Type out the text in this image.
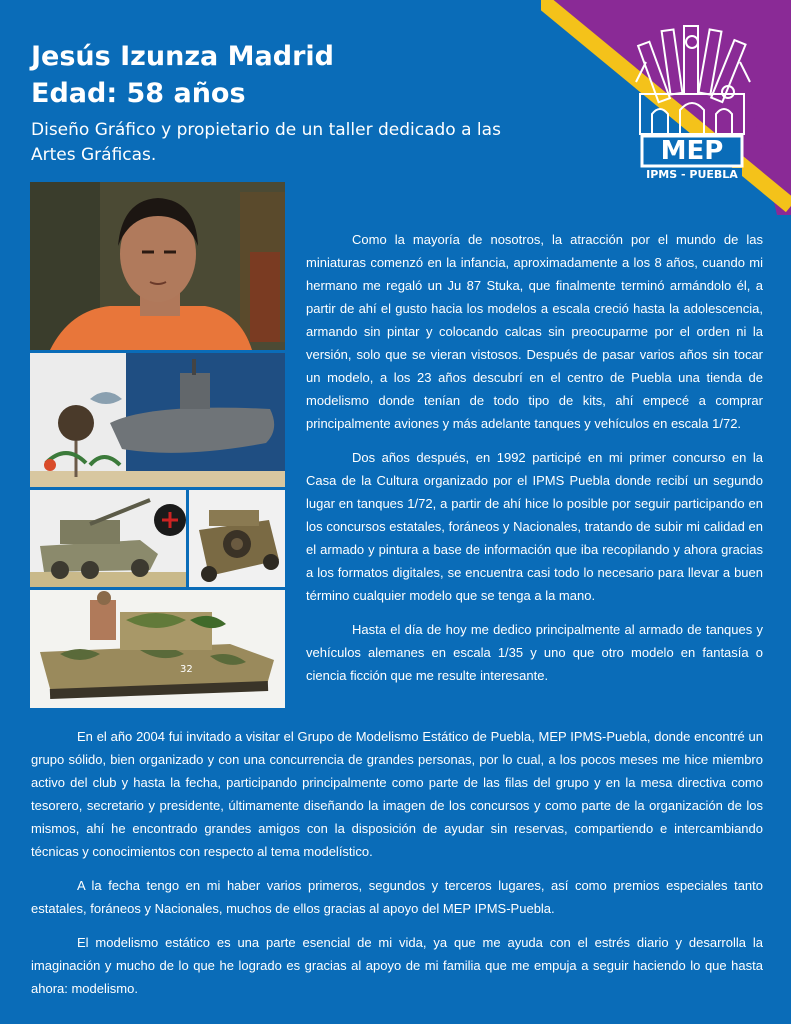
MEP
IPMS - PUEBLA
Jesús Izunza Madrid
Edad: 58 años
Diseño Gráfico y propietario de un taller dedicado a las Artes Gráficas.
32

Como la mayoría de nosotros, la atracción por el mundo de las miniaturas comenzó en la infancia, aproximadamente a los 8 años, cuando mi hermano me regaló un Ju 87 Stuka, que finalmente terminó armándolo él, a partir de ahí el gusto hacia los modelos a escala creció hasta la adolescencia, armando sin pintar y colocando calcas sin preocuparme por el orden ni la versión, solo que se vieran vistosos. Después de pasar varios años sin tocar un modelo, a los 23 años descubrí en el centro de Puebla una tienda de modelismo donde tenían de todo tipo de kits, ahí empecé a comprar principalmente aviones y más adelante tanques y vehículos en escala 1/72.

Dos años después, en 1992 participé en mi primer concurso en la Casa de la Cultura organizado por el IPMS Puebla donde recibí un segundo lugar en tanques 1/72, a partir de ahí hice lo posible por seguir participando en los concursos estatales, foráneos y Nacionales, tratando de subir mi calidad en el armado y pintura a base de información que iba recopilando y ahora gracias a los formatos digitales, se encuentra casi todo lo necesario para llevar a buen término cualquier modelo que se tenga a la mano.

Hasta el día de hoy me dedico principalmente al armado de tanques y vehículos alemanes en escala 1/35 y uno que otro modelo en fantasía o ciencia ficción que me resulte interesante.

En el año 2004 fui invitado a visitar el Grupo de Modelismo Estático de Puebla, MEP IPMS-Puebla, donde encontré un grupo sólido, bien organizado y con una concurrencia de grandes personas, por lo cual, a los pocos meses me hice miembro activo del club y hasta la fecha, participando principalmente como parte de las filas del grupo y en la mesa directiva como tesorero, secretario y presidente, últimamente diseñando la imagen de los concursos y como parte de la organización de los mismos, ahí he encontrado grandes amigos con la disposición de ayudar sin reservas, compartiendo e intercambiando técnicas y conocimientos con respecto al tema modelístico.

A la fecha tengo en mi haber varios primeros, segundos y terceros lugares, así como premios especiales tanto estatales, foráneos y Nacionales, muchos de ellos gracias al apoyo del MEP IPMS-Puebla.

El modelismo estático es una parte esencial de mi vida, ya que me ayuda con el estrés diario y desarrolla la imaginación y mucho de lo que he logrado es gracias al apoyo de mi familia que me empuja a seguir haciendo lo que hasta ahora: modelismo.
